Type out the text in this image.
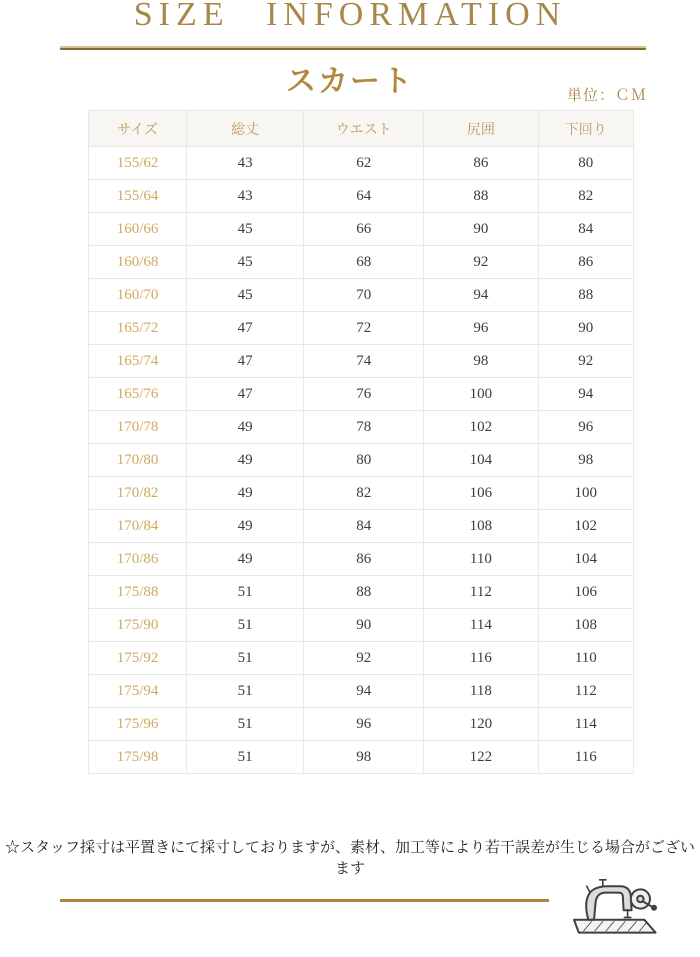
SIZE INFORMATION
スカート	単位：ＣＭ
サイズ	総丈	ウエスト	尻囲	下回り
155/62	43	62	86	80
155/64	43	64	88	82
160/66	45	66	90	84
160/68	45	68	92	86
160/70	45	70	94	88
165/72	47	72	96	90
165/74	47	74	98	92
165/76	47	76	100	94
170/78	49	78	102	96
170/80	49	80	104	98
170/82	49	82	106	100
170/84	49	84	108	102
170/86	49	86	110	104
175/88	51	88	112	106
175/90	51	90	114	108
175/92	51	92	116	110
175/94	51	94	118	112
175/96	51	96	120	114
175/98	51	98	122	116

☆スタッフ採寸は平置きにて採寸しておりますが、素材、加工等により若干誤差が生じる場合がございます
